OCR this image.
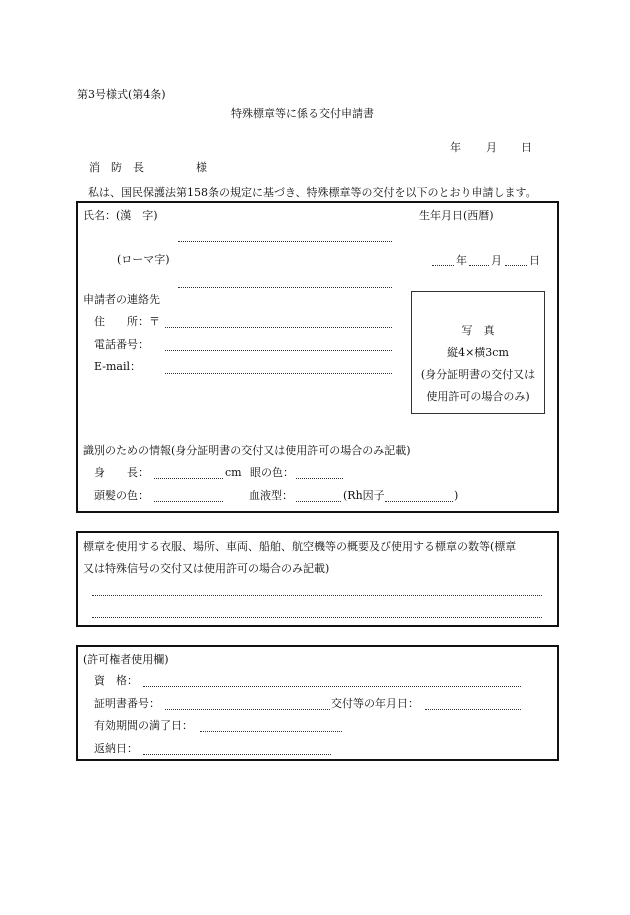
第3号様式(第4条)
特殊標章等に係る交付申請書
年 月 日
消　防　長	様
私は、国民保護法第158条の規定に基づき、特殊標章等の交付を以下のとおり申請します。
氏名：(漢　字)
(ローマ字)
生年月日(西暦)
年 月 日
申請者の連絡先
住　　所：〒
電話番号：
E-mail：
写　真
縦4×横3cm
(身分証明書の交付又は
使用許可の場合のみ)
識別のための情報(身分証明書の交付又は使用許可の場合のみ記載)
身　　長：	cm 眼の色：
頭髪の色：	血液型：	(Rh因子	)
標章を使用する衣服、場所、車両、船舶、航空機等の概要及び使用する標章の数等(標章
又は特殊信号の交付又は使用許可の場合のみ記載)
(許可権者使用欄)
資　格：
証明書番号：	交付等の年月日：
有効期間の満了日：
返納日：
